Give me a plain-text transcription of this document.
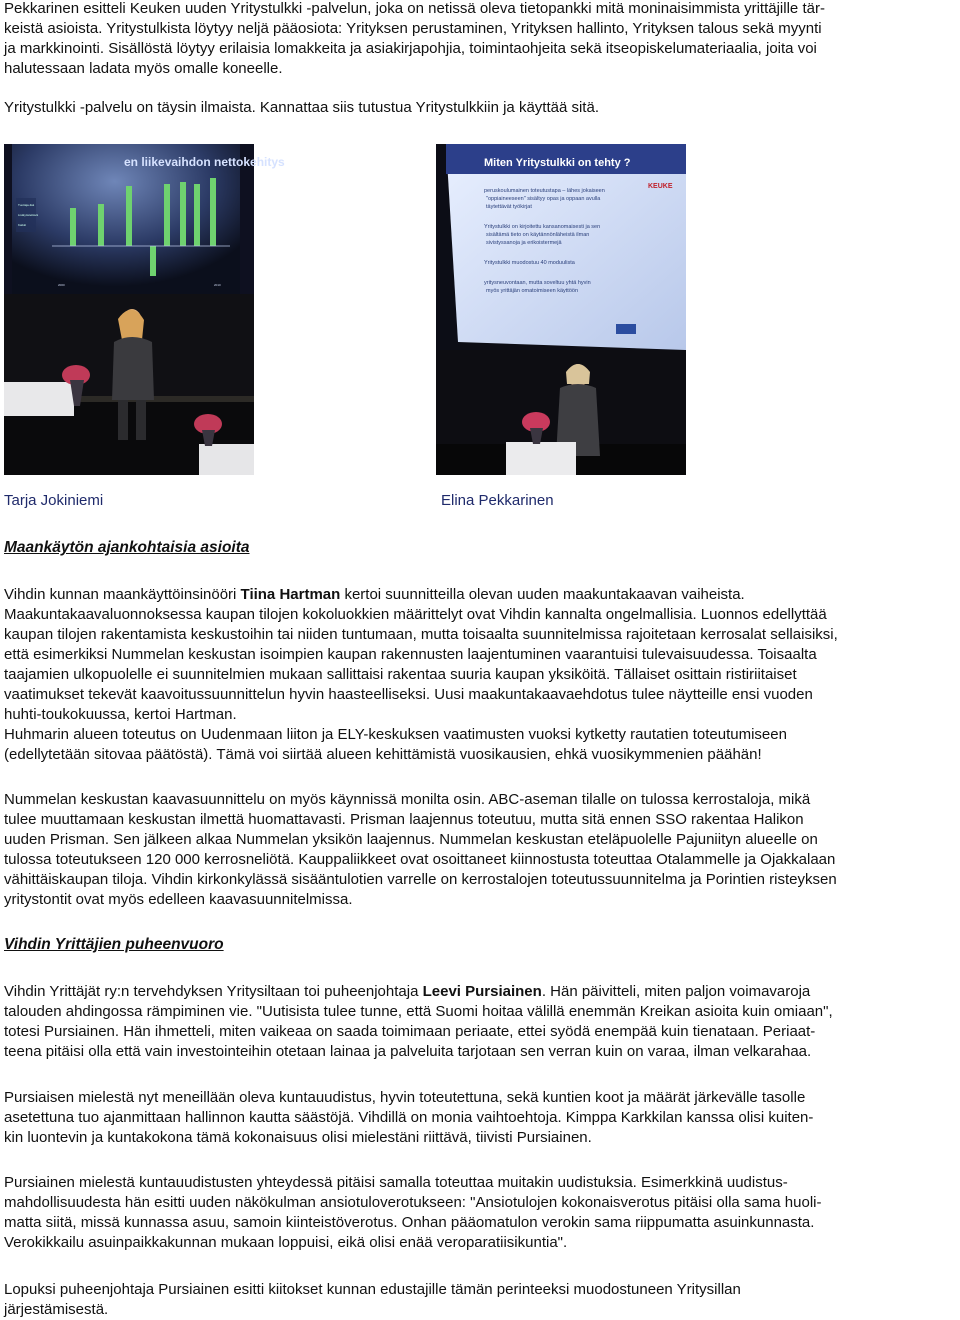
Pekkarinen esitteli Keuken uuden Yritystulkki -palvelun, joka on netissä oleva tietopankki mitä moninaisimmista yrittäjille tär-
keistä asioista. Yritystulkista löytyy neljä pääosiota: Yrityksen perustaminen, Yrityksen hallinto, Yrityksen talous sekä myynti
ja markkinointi. Sisällöstä löytyy erilaisia lomakkeita ja asiakirjapohjia, toimintaohjeita sekä itseopiskelumateriaalia, joita voi
halutessaan ladata myös omalle koneelle.
Yritystulkki -palvelu on täysin ilmaista. Kannattaa siis tutustua Yritystulkkiin ja käyttää sitä.
en liikevaihdon nettokehitys
Tuottaja-lisä
Lisätyöstettävä
Kaikki
2000	2010
Miten Yritystulkki on tehty ?
KEUKE
peruskoulumainen toteutustapa – lähes jokaiseen
"oppiaineeseen" sisältyy opas ja oppaan avulla
täytettävät työkirjat
Yritystulkki on kirjoitettu kansanomaisesti ja sen
sisältämä tieto on käytännönläheistä ilman
sivistyssanoja ja erikoistermejä
Yritystulkki muodostuu 40 moduulista
yritysneuvontaan, mutta soveltuu yhtä hyvin
myös yrittäjän omatoimiseen käyttöön
Tarja Jokiniemi	Elina Pekkarinen
Maankäytön ajankohtaisia asioita
Vihdin kunnan maankäyttöinsinööri Tiina Hartman kertoi suunnitteilla olevan uuden maakuntakaavan vaiheista.
Maakuntakaavaluonnoksessa kaupan tilojen kokoluokkien määrittelyt ovat Vihdin kannalta ongelmallisia. Luonnos edellyttää
kaupan tilojen rakentamista keskustoihin tai niiden tuntumaan, mutta toisaalta suunnitelmissa rajoitetaan kerrosalat sellaisiksi,
että esimerkiksi Nummelan keskustan isoimpien kaupan rakennusten laajentuminen vaarantuisi tulevaisuudessa. Toisaalta
taajamien ulkopuolelle ei suunnitelmien mukaan sallittaisi rakentaa suuria kaupan yksiköitä. Tällaiset osittain ristiriitaiset
vaatimukset tekevät kaavoitussuunnittelun hyvin haasteelliseksi. Uusi maakuntakaavaehdotus tulee näytteille ensi vuoden
huhti-toukokuussa, kertoi Hartman.
Huhmarin alueen toteutus on Uudenmaan liiton ja ELY-keskuksen vaatimusten vuoksi kytketty rautatien toteutumiseen
(edellytetään sitovaa päätöstä). Tämä voi siirtää alueen kehittämistä vuosikausien, ehkä vuosikymmenien päähän!
Nummelan keskustan kaavasuunnittelu on myös käynnissä monilta osin. ABC-aseman tilalle on tulossa kerrostaloja, mikä
tulee muuttamaan keskustan ilmettä huomattavasti. Prisman laajennus toteutuu, mutta sitä ennen SSO rakentaa Halikon
uuden Prisman. Sen jälkeen alkaa Nummelan yksikön laajennus. Nummelan keskustan eteläpuolelle Pajuniityn alueelle on
tulossa toteutukseen 120 000 kerrosneliötä. Kauppaliikkeet ovat osoittaneet kiinnostusta toteuttaa Otalammelle ja Ojakkalaan
vähittäiskaupan tiloja. Vihdin kirkonkylässä sisääntulotien varrelle on kerrostalojen toteutussuunnitelma ja Porintien risteyksen
yritystontit ovat myös edelleen kaavasuunnitelmissa.
Vihdin Yrittäjien puheenvuoro
Vihdin Yrittäjät ry:n tervehdyksen Yritysiltaan toi puheenjohtaja Leevi Pursiainen. Hän päivitteli, miten paljon voimavaroja
talouden ahdingossa rämpiminen vie. "Uutisista tulee tunne, että Suomi hoitaa välillä enemmän Kreikan asioita kuin omiaan",
totesi Pursiainen. Hän ihmetteli, miten vaikeaa on saada toimimaan periaate, ettei syödä enempää kuin tienataan. Periaat-
teena pitäisi olla että vain investointeihin otetaan lainaa ja palveluita tarjotaan sen verran kuin on varaa, ilman velkarahaa.
Pursiaisen mielestä nyt meneillään oleva kuntauudistus, hyvin toteutettuna, sekä kuntien koot ja määrät järkevälle tasolle
asetettuna tuo ajanmittaan hallinnon kautta säästöjä. Vihdillä on monia vaihtoehtoja. Kimppa Karkkilan kanssa olisi kuiten-
kin luontevin ja kuntakokona tämä kokonaisuus olisi mielestäni riittävä, tiivisti Pursiainen.
Pursiainen mielestä kuntauudistusten yhteydessä pitäisi samalla toteuttaa muitakin uudistuksia. Esimerkkinä uudistus-
mahdollisuudesta hän esitti uuden näkökulman ansiotuloverotukseen: "Ansiotulojen kokonaisverotus pitäisi olla sama huoli-
matta siitä, missä kunnassa asuu, samoin kiinteistöverotus. Onhan pääomatulon verokin sama riippumatta asuinkunnasta.
Verokikkailu asuinpaikkakunnan mukaan loppuisi, eikä olisi enää veroparatiisikuntia".
Lopuksi puheenjohtaja Pursiainen esitti kiitokset kunnan edustajille tämän perinteeksi muodostuneen Yritysillan
järjestämisestä.
